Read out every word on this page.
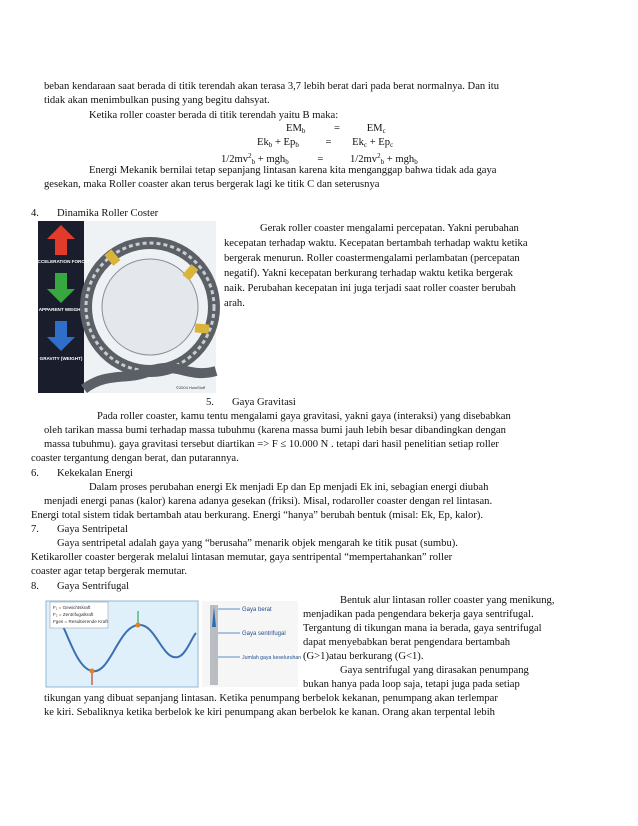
beban kendaraan saat berada di titik terendah akan terasa 3,7 lebih berat dari pada berat normalnya. Dan itu
tidak akan menimbulkan pusing yang begitu dahsyat.
Ketika roller coaster berada di titik terendah yaitu B maka:
$EM_b$	=	$EM_c$
$Ek_b + Ep_b$	= $Ek_c + Ep_c$
$1/2mv^2_b + mgh_b$	=	$1/2mv^2_b + mgh_b$
Energi Mekanik bernilai tetap sepanjang lintasan karena kita menganggap bahwa tidak ada gaya
gesekan, maka Roller coaster akan terus bergerak lagi ke titik C dan seterusnya
4. Dinamika Roller Coster
"ACCELERATION FORCE"
APPARENT WEIGHT
GRAVITY (WEIGHT)
©2004 HowStuff
Gerak roller coaster mengalami percepatan. Yakni perubahan
kecepatan terhadap waktu. Kecepatan bertambah terhadap waktu ketika
bergerak menurun. Roller coastermengalami perlambatan (percepatan
negatif). Yakni kecepatan berkurang terhadap waktu ketika bergerak
naik. Perubahan kecepatan ini juga terjadi saat roller coaster berubah
arah.
5. Gaya Gravitasi
Pada roller coaster, kamu tentu mengalami gaya gravitasi, yakni gaya (interaksi) yang disebabkan
oleh tarikan massa bumi terhadap massa tubuhmu (karena massa bumi jauh lebih besar dibandingkan dengan
massa tubuhmu). gaya gravitasi tersebut diartikan => F ≤ 10.000 N . tetapi dari hasil penelitian setiap roller
coaster tergantung dengan berat, dan putarannya.
6. Kekekalan Energi
Dalam proses perubahan energi Ek menjadi Ep dan Ep menjadi Ek ini, sebagian energi diubah
menjadi energi panas (kalor) karena adanya gesekan (friksi). Misal, rodaroller coaster dengan rel lintasan.
Energi total sistem tidak bertambah atau berkurang. Energi “hanya” berubah bentuk (misal: Ek, Ep, kalor).
7. Gaya Sentripetal
Gaya sentripetal adalah gaya yang “berusaha” menarik objek mengarah ke titik pusat (sumbu).
Ketikaroller coaster bergerak melalui lintasan memutar, gaya sentripental “mempertahankan” roller
coaster agar tetap bergerak memutar.
8. Gaya Sentrifugal
F₁ = Gewichtskraft
F₂ = Zentrifugalkraft
Fges = Resultierende Kraft
Gaya berat
Gaya sentrifugal
Jumlah gaya keseluruhan
Bentuk alur lintasan roller coaster yang menikung,
menjadikan pada pengendara bekerja gaya sentrifugal.
Tergantung di tikungan mana ia berada, gaya sentrifugal
dapat menyebabkan berat pengendara bertambah
(G>1)atau berkurang (G<1).
Gaya sentrifugal yang dirasakan penumpang
bukan hanya pada loop saja, tetapi juga pada setiap
tikungan yang dibuat sepanjang lintasan. Ketika penumpang berbelok kekanan, penumpang akan terlempar
ke kiri. Sebaliknya ketika berbelok ke kiri penumpang akan berbelok ke kanan. Orang akan terpental lebih
